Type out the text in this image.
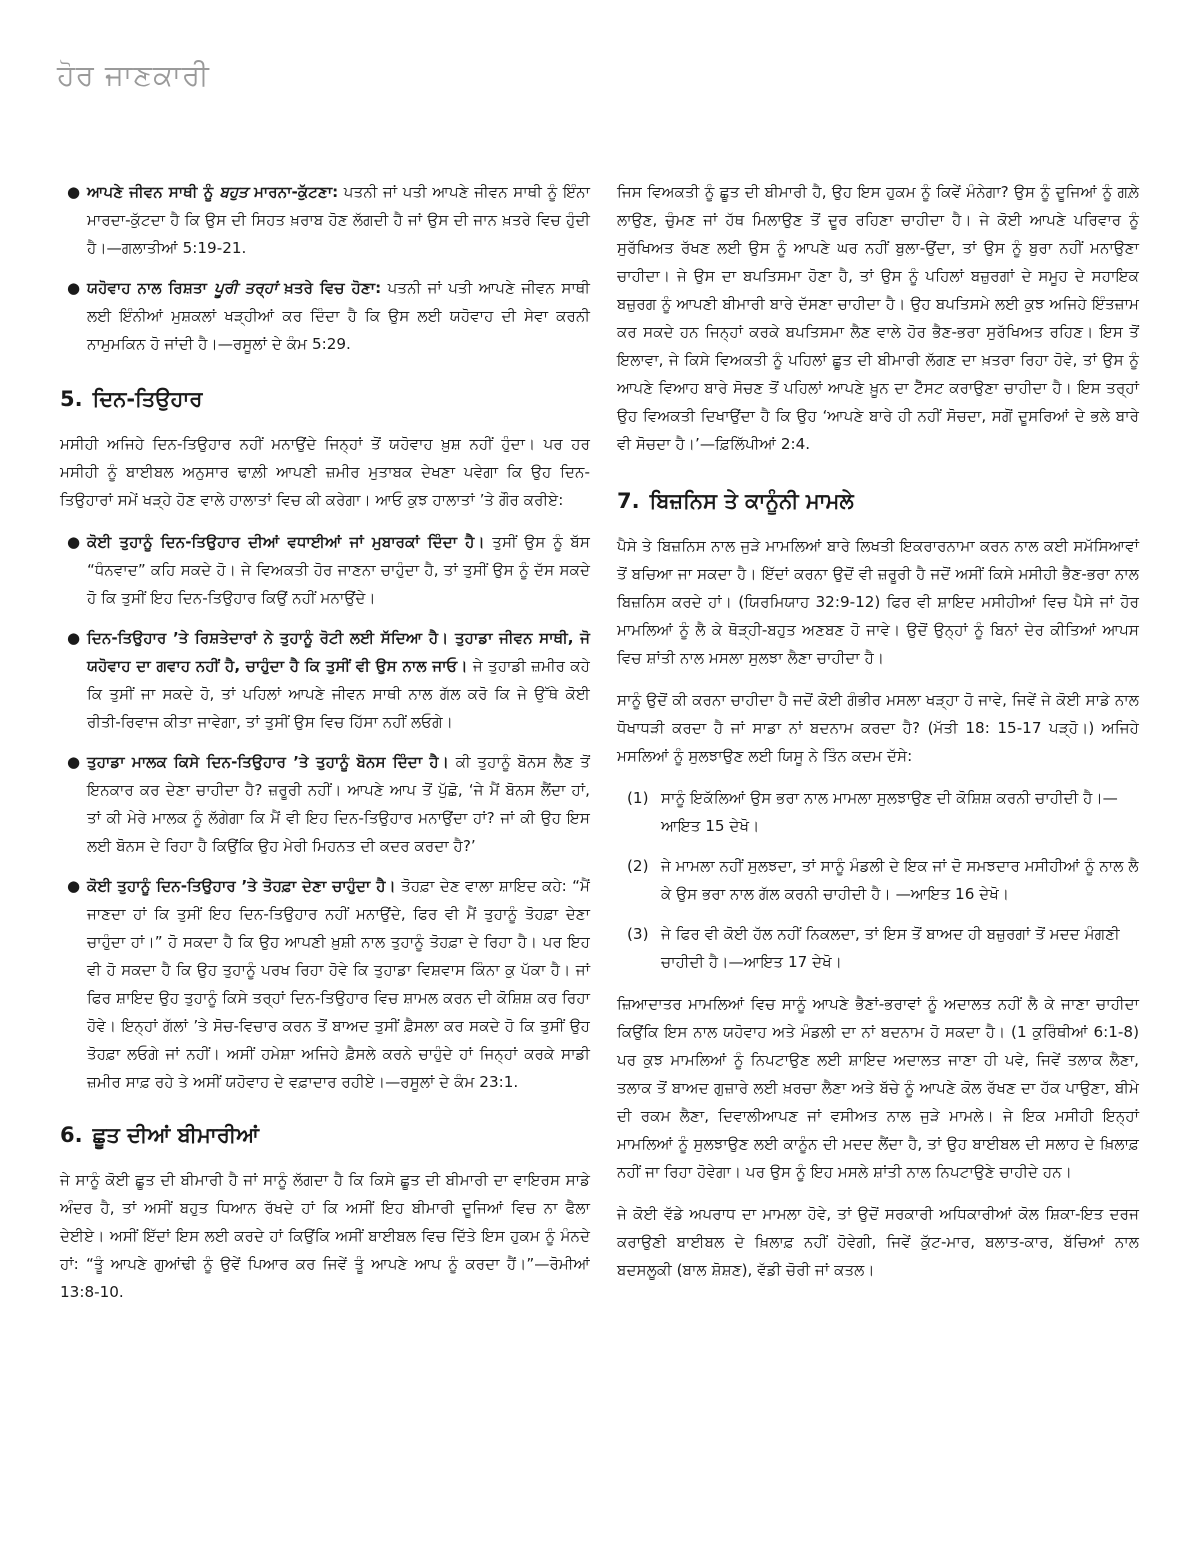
ਹੋਰ ਜਾਣਕਾਰੀ
● ਆਪਣੇ ਜੀਵਨ ਸਾਥੀ ਨੂੰ ਬਹੁਤ ਮਾਰਨਾ-ਕੁੱਟਣਾ: ਪਤਨੀ ਜਾਂ ਪਤੀ ਆਪਣੇ ਜੀਵਨ ਸਾਥੀ ਨੂੰ ਇੰਨਾ ਮਾਰਦਾ-ਕੁੱਟਦਾ ਹੈ ਕਿ ਉਸ ਦੀ ਸਿਹਤ ਖ਼ਰਾਬ ਹੋਣ ਲੱਗਦੀ ਹੈ ਜਾਂ ਉਸ ਦੀ ਜਾਨ ਖ਼ਤਰੇ ਵਿਚ ਹੁੰਦੀ ਹੈ।—ਗਲਾਤੀਆਂ 5:19-21.
● ਯਹੋਵਾਹ ਨਾਲ ਰਿਸ਼ਤਾ ਪੂਰੀ ਤਰ੍ਹਾਂ ਖ਼ਤਰੇ ਵਿਚ ਹੋਣਾ: ਪਤਨੀ ਜਾਂ ਪਤੀ ਆਪਣੇ ਜੀਵਨ ਸਾਥੀ ਲਈ ਇੰਨੀਆਂ ਮੁਸ਼ਕਲਾਂ ਖੜ੍ਹੀਆਂ ਕਰ ਦਿੰਦਾ ਹੈ ਕਿ ਉਸ ਲਈ ਯਹੋਵਾਹ ਦੀ ਸੇਵਾ ਕਰਨੀ ਨਾਮੁਮਕਿਨ ਹੋ ਜਾਂਦੀ ਹੈ।—ਰਸੂਲਾਂ ਦੇ ਕੰਮ 5:29.
5. ਦਿਨ-ਤਿਉਹਾਰ

ਮਸੀਹੀ ਅਜਿਹੇ ਦਿਨ-ਤਿਉਹਾਰ ਨਹੀਂ ਮਨਾਉਂਦੇ ਜਿਨ੍ਹਾਂ ਤੋਂ ਯਹੋਵਾਹ ਖ਼ੁਸ਼ ਨਹੀਂ ਹੁੰਦਾ। ਪਰ ਹਰ ਮਸੀਹੀ ਨੂੰ ਬਾਈਬਲ ਅਨੁਸਾਰ ਢਾਲ਼ੀ ਆਪਣੀ ਜ਼ਮੀਰ ਮੁਤਾਬਕ ਦੇਖਣਾ ਪਵੇਗਾ ਕਿ ਉਹ ਦਿਨ-ਤਿਉਹਾਰਾਂ ਸਮੇਂ ਖੜ੍ਹੇ ਹੋਣ ਵਾਲੇ ਹਾਲਾਤਾਂ ਵਿਚ ਕੀ ਕਰੇਗਾ। ਆਓ ਕੁਝ ਹਾਲਾਤਾਂ ’ਤੇ ਗੌਰ ਕਰੀਏ:

● ਕੋਈ ਤੁਹਾਨੂੰ ਦਿਨ-ਤਿਉਹਾਰ ਦੀਆਂ ਵਧਾਈਆਂ ਜਾਂ ਮੁਬਾਰਕਾਂ ਦਿੰਦਾ ਹੈ। ਤੁਸੀਂ ਉਸ ਨੂੰ ਬੱਸ “ਧੰਨਵਾਦ” ਕਹਿ ਸਕਦੇ ਹੋ। ਜੇ ਵਿਅਕਤੀ ਹੋਰ ਜਾਣਨਾ ਚਾਹੁੰਦਾ ਹੈ, ਤਾਂ ਤੁਸੀਂ ਉਸ ਨੂੰ ਦੱਸ ਸਕਦੇ ਹੋ ਕਿ ਤੁਸੀਂ ਇਹ ਦਿਨ-ਤਿਉਹਾਰ ਕਿਉਂ ਨਹੀਂ ਮਨਾਉਂਦੇ।
● ਦਿਨ-ਤਿਉਹਾਰ ’ਤੇ ਰਿਸ਼ਤੇਦਾਰਾਂ ਨੇ ਤੁਹਾਨੂੰ ਰੋਟੀ ਲਈ ਸੱਦਿਆ ਹੈ। ਤੁਹਾਡਾ ਜੀਵਨ ਸਾਥੀ, ਜੋ ਯਹੋਵਾਹ ਦਾ ਗਵਾਹ ਨਹੀਂ ਹੈ, ਚਾਹੁੰਦਾ ਹੈ ਕਿ ਤੁਸੀਂ ਵੀ ਉਸ ਨਾਲ ਜਾਓ। ਜੇ ਤੁਹਾਡੀ ਜ਼ਮੀਰ ਕਹੇ ਕਿ ਤੁਸੀਂ ਜਾ ਸਕਦੇ ਹੋ, ਤਾਂ ਪਹਿਲਾਂ ਆਪਣੇ ਜੀਵਨ ਸਾਥੀ ਨਾਲ ਗੱਲ ਕਰੋ ਕਿ ਜੇ ਉੱਥੇ ਕੋਈ ਰੀਤੀ-ਰਿਵਾਜ ਕੀਤਾ ਜਾਵੇਗਾ, ਤਾਂ ਤੁਸੀਂ ਉਸ ਵਿਚ ਹਿੱਸਾ ਨਹੀਂ ਲਓਗੇ।
● ਤੁਹਾਡਾ ਮਾਲਕ ਕਿਸੇ ਦਿਨ-ਤਿਉਹਾਰ ’ਤੇ ਤੁਹਾਨੂੰ ਬੋਨਸ ਦਿੰਦਾ ਹੈ। ਕੀ ਤੁਹਾਨੂੰ ਬੋਨਸ ਲੈਣ ਤੋਂ ਇਨਕਾਰ ਕਰ ਦੇਣਾ ਚਾਹੀਦਾ ਹੈ? ਜ਼ਰੂਰੀ ਨਹੀਂ। ਆਪਣੇ ਆਪ ਤੋਂ ਪੁੱਛੋ, ‘ਜੇ ਮੈਂ ਬੋਨਸ ਲੈਂਦਾ ਹਾਂ, ਤਾਂ ਕੀ ਮੇਰੇ ਮਾਲਕ ਨੂੰ ਲੱਗੇਗਾ ਕਿ ਮੈਂ ਵੀ ਇਹ ਦਿਨ-ਤਿਉਹਾਰ ਮਨਾਉਂਦਾ ਹਾਂ? ਜਾਂ ਕੀ ਉਹ ਇਸ ਲਈ ਬੋਨਸ ਦੇ ਰਿਹਾ ਹੈ ਕਿਉਂਕਿ ਉਹ ਮੇਰੀ ਮਿਹਨਤ ਦੀ ਕਦਰ ਕਰਦਾ ਹੈ?’
● ਕੋਈ ਤੁਹਾਨੂੰ ਦਿਨ-ਤਿਉਹਾਰ ’ਤੇ ਤੋਹਫ਼ਾ ਦੇਣਾ ਚਾਹੁੰਦਾ ਹੈ। ਤੋਹਫ਼ਾ ਦੇਣ ਵਾਲਾ ਸ਼ਾਇਦ ਕਹੇ: “ਮੈਂ ਜਾਣਦਾ ਹਾਂ ਕਿ ਤੁਸੀਂ ਇਹ ਦਿਨ-ਤਿਉਹਾਰ ਨਹੀਂ ਮਨਾਉਂਦੇ, ਫਿਰ ਵੀ ਮੈਂ ਤੁਹਾਨੂੰ ਤੋਹਫ਼ਾ ਦੇਣਾ ਚਾਹੁੰਦਾ ਹਾਂ।” ਹੋ ਸਕਦਾ ਹੈ ਕਿ ਉਹ ਆਪਣੀ ਖ਼ੁਸ਼ੀ ਨਾਲ ਤੁਹਾਨੂੰ ਤੋਹਫ਼ਾ ਦੇ ਰਿਹਾ ਹੈ। ਪਰ ਇਹ ਵੀ ਹੋ ਸਕਦਾ ਹੈ ਕਿ ਉਹ ਤੁਹਾਨੂੰ ਪਰਖ ਰਿਹਾ ਹੋਵੇ ਕਿ ਤੁਹਾਡਾ ਵਿਸ਼ਵਾਸ ਕਿੰਨਾ ਕੁ ਪੱਕਾ ਹੈ। ਜਾਂ ਫਿਰ ਸ਼ਾਇਦ ਉਹ ਤੁਹਾਨੂੰ ਕਿਸੇ ਤਰ੍ਹਾਂ ਦਿਨ-ਤਿਉਹਾਰ ਵਿਚ ਸ਼ਾਮਲ ਕਰਨ ਦੀ ਕੋਸ਼ਿਸ਼ ਕਰ ਰਿਹਾ ਹੋਵੇ। ਇਨ੍ਹਾਂ ਗੱਲਾਂ ’ਤੇ ਸੋਚ-ਵਿਚਾਰ ਕਰਨ ਤੋਂ ਬਾਅਦ ਤੁਸੀਂ ਫ਼ੈਸਲਾ ਕਰ ਸਕਦੇ ਹੋ ਕਿ ਤੁਸੀਂ ਉਹ ਤੋਹਫ਼ਾ ਲਓਗੇ ਜਾਂ ਨਹੀਂ। ਅਸੀਂ ਹਮੇਸ਼ਾ ਅਜਿਹੇ ਫ਼ੈਸਲੇ ਕਰਨੇ ਚਾਹੁੰਦੇ ਹਾਂ ਜਿਨ੍ਹਾਂ ਕਰਕੇ ਸਾਡੀ ਜ਼ਮੀਰ ਸਾਫ਼ ਰਹੇ ਤੇ ਅਸੀਂ ਯਹੋਵਾਹ ਦੇ ਵਫ਼ਾਦਾਰ ਰਹੀਏ।—ਰਸੂਲਾਂ ਦੇ ਕੰਮ 23:1.
6. ਛੂਤ ਦੀਆਂ ਬੀਮਾਰੀਆਂ

ਜੇ ਸਾਨੂੰ ਕੋਈ ਛੂਤ ਦੀ ਬੀਮਾਰੀ ਹੈ ਜਾਂ ਸਾਨੂੰ ਲੱਗਦਾ ਹੈ ਕਿ ਕਿਸੇ ਛੂਤ ਦੀ ਬੀਮਾਰੀ ਦਾ ਵਾਇਰਸ ਸਾਡੇ ਅੰਦਰ ਹੈ, ਤਾਂ ਅਸੀਂ ਬਹੁਤ ਧਿਆਨ ਰੱਖਦੇ ਹਾਂ ਕਿ ਅਸੀਂ ਇਹ ਬੀਮਾਰੀ ਦੂਜਿਆਂ ਵਿਚ ਨਾ ਫੈਲਾ ਦੇਈਏ। ਅਸੀਂ ਇੱਦਾਂ ਇਸ ਲਈ ਕਰਦੇ ਹਾਂ ਕਿਉਂਕਿ ਅਸੀਂ ਬਾਈਬਲ ਵਿਚ ਦਿੱਤੇ ਇਸ ਹੁਕਮ ਨੂੰ ਮੰਨਦੇ ਹਾਂ: “ਤੂੰ ਆਪਣੇ ਗੁਆਂਢੀ ਨੂੰ ਉਵੇਂ ਪਿਆਰ ਕਰ ਜਿਵੇਂ ਤੂੰ ਆਪਣੇ ਆਪ ਨੂੰ ਕਰਦਾ ਹੈਂ।”—ਰੋਮੀਆਂ 13:8-10.

ਜਿਸ ਵਿਅਕਤੀ ਨੂੰ ਛੂਤ ਦੀ ਬੀਮਾਰੀ ਹੈ, ਉਹ ਇਸ ਹੁਕਮ ਨੂੰ ਕਿਵੇਂ ਮੰਨੇਗਾ? ਉਸ ਨੂੰ ਦੂਜਿਆਂ ਨੂੰ ਗਲ਼ੇ ਲਾਉਣ, ਚੁੰਮਣ ਜਾਂ ਹੱਥ ਮਿਲਾਉਣ ਤੋਂ ਦੂਰ ਰਹਿਣਾ ਚਾਹੀਦਾ ਹੈ। ਜੇ ਕੋਈ ਆਪਣੇ ਪਰਿਵਾਰ ਨੂੰ ਸੁਰੱਖਿਅਤ ਰੱਖਣ ਲਈ ਉਸ ਨੂੰ ਆਪਣੇ ਘਰ ਨਹੀਂ ਬੁਲਾ-ਉਂਦਾ, ਤਾਂ ਉਸ ਨੂੰ ਬੁਰਾ ਨਹੀਂ ਮਨਾਉਣਾ ਚਾਹੀਦਾ। ਜੇ ਉਸ ਦਾ ਬਪਤਿਸਮਾ ਹੋਣਾ ਹੈ, ਤਾਂ ਉਸ ਨੂੰ ਪਹਿਲਾਂ ਬਜ਼ੁਰਗਾਂ ਦੇ ਸਮੂਹ ਦੇ ਸਹਾਇਕ ਬਜ਼ੁਰਗ ਨੂੰ ਆਪਣੀ ਬੀਮਾਰੀ ਬਾਰੇ ਦੱਸਣਾ ਚਾਹੀਦਾ ਹੈ। ਉਹ ਬਪਤਿਸਮੇ ਲਈ ਕੁਝ ਅਜਿਹੇ ਇੰਤਜ਼ਾਮ ਕਰ ਸਕਦੇ ਹਨ ਜਿਨ੍ਹਾਂ ਕਰਕੇ ਬਪਤਿਸਮਾ ਲੈਣ ਵਾਲੇ ਹੋਰ ਭੈਣ-ਭਰਾ ਸੁਰੱਖਿਅਤ ਰਹਿਣ। ਇਸ ਤੋਂ ਇਲਾਵਾ, ਜੇ ਕਿਸੇ ਵਿਅਕਤੀ ਨੂੰ ਪਹਿਲਾਂ ਛੂਤ ਦੀ ਬੀਮਾਰੀ ਲੱਗਣ ਦਾ ਖ਼ਤਰਾ ਰਿਹਾ ਹੋਵੇ, ਤਾਂ ਉਸ ਨੂੰ ਆਪਣੇ ਵਿਆਹ ਬਾਰੇ ਸੋਚਣ ਤੋਂ ਪਹਿਲਾਂ ਆਪਣੇ ਖ਼ੂਨ ਦਾ ਟੈੱਸਟ ਕਰਾਉਣਾ ਚਾਹੀਦਾ ਹੈ। ਇਸ ਤਰ੍ਹਾਂ ਉਹ ਵਿਅਕਤੀ ਦਿਖਾਉਂਦਾ ਹੈ ਕਿ ਉਹ ‘ਆਪਣੇ ਬਾਰੇ ਹੀ ਨਹੀਂ ਸੋਚਦਾ, ਸਗੋਂ ਦੂਸਰਿਆਂ ਦੇ ਭਲੇ ਬਾਰੇ ਵੀ ਸੋਚਦਾ ਹੈ।’—ਫ਼ਿਲਿੱਪੀਆਂ 2:4.

7. ਬਿਜ਼ਨਿਸ ਤੇ ਕਾਨੂੰਨੀ ਮਾਮਲੇ

ਪੈਸੇ ਤੇ ਬਿਜ਼ਨਿਸ ਨਾਲ ਜੁੜੇ ਮਾਮਲਿਆਂ ਬਾਰੇ ਲਿਖਤੀ ਇਕਰਾਰਨਾਮਾ ਕਰਨ ਨਾਲ ਕਈ ਸਮੱਸਿਆਵਾਂ ਤੋਂ ਬਚਿਆ ਜਾ ਸਕਦਾ ਹੈ। ਇੱਦਾਂ ਕਰਨਾ ਉਦੋਂ ਵੀ ਜ਼ਰੂਰੀ ਹੈ ਜਦੋਂ ਅਸੀਂ ਕਿਸੇ ਮਸੀਹੀ ਭੈਣ-ਭਰਾ ਨਾਲ ਬਿਜ਼ਨਿਸ ਕਰਦੇ ਹਾਂ। (ਯਿਰਮਿਯਾਹ 32:9-12) ਫਿਰ ਵੀ ਸ਼ਾਇਦ ਮਸੀਹੀਆਂ ਵਿਚ ਪੈਸੇ ਜਾਂ ਹੋਰ ਮਾਮਲਿਆਂ ਨੂੰ ਲੈ ਕੇ ਥੋੜ੍ਹੀ-ਬਹੁਤ ਅਣਬਣ ਹੋ ਜਾਵੇ। ਉਦੋਂ ਉਨ੍ਹਾਂ ਨੂੰ ਬਿਨਾਂ ਦੇਰ ਕੀਤਿਆਂ ਆਪਸ ਵਿਚ ਸ਼ਾਂਤੀ ਨਾਲ ਮਸਲਾ ਸੁਲਝਾ ਲੈਣਾ ਚਾਹੀਦਾ ਹੈ।

ਸਾਨੂੰ ਉਦੋਂ ਕੀ ਕਰਨਾ ਚਾਹੀਦਾ ਹੈ ਜਦੋਂ ਕੋਈ ਗੰਭੀਰ ਮਸਲਾ ਖੜ੍ਹਾ ਹੋ ਜਾਵੇ, ਜਿਵੇਂ ਜੇ ਕੋਈ ਸਾਡੇ ਨਾਲ ਧੋਖਾਧੜੀ ਕਰਦਾ ਹੈ ਜਾਂ ਸਾਡਾ ਨਾਂ ਬਦਨਾਮ ਕਰਦਾ ਹੈ? (ਮੱਤੀ 18: 15-17 ਪੜ੍ਹੋ।) ਅਜਿਹੇ ਮਸਲਿਆਂ ਨੂੰ ਸੁਲਝਾਉਣ ਲਈ ਯਿਸੂ ਨੇ ਤਿੰਨ ਕਦਮ ਦੱਸੇ:

(1) ਸਾਨੂੰ ਇਕੱਲਿਆਂ ਉਸ ਭਰਾ ਨਾਲ ਮਾਮਲਾ ਸੁਲਝਾਉਣ ਦੀ ਕੋਸ਼ਿਸ਼ ਕਰਨੀ ਚਾਹੀਦੀ ਹੈ।—ਆਇਤ 15 ਦੇਖੋ।
(2) ਜੇ ਮਾਮਲਾ ਨਹੀਂ ਸੁਲਝਦਾ, ਤਾਂ ਸਾਨੂੰ ਮੰਡਲੀ ਦੇ ਇਕ ਜਾਂ ਦੋ ਸਮਝਦਾਰ ਮਸੀਹੀਆਂ ਨੂੰ ਨਾਲ ਲੈ ਕੇ ਉਸ ਭਰਾ ਨਾਲ ਗੱਲ ਕਰਨੀ ਚਾਹੀਦੀ ਹੈ। —ਆਇਤ 16 ਦੇਖੋ।
(3) ਜੇ ਫਿਰ ਵੀ ਕੋਈ ਹੱਲ ਨਹੀਂ ਨਿਕਲਦਾ, ਤਾਂ ਇਸ ਤੋਂ ਬਾਅਦ ਹੀ ਬਜ਼ੁਰਗਾਂ ਤੋਂ ਮਦਦ ਮੰਗਣੀ ਚਾਹੀਦੀ ਹੈ।—ਆਇਤ 17 ਦੇਖੋ।

ਜ਼ਿਆਦਾਤਰ ਮਾਮਲਿਆਂ ਵਿਚ ਸਾਨੂੰ ਆਪਣੇ ਭੈਣਾਂ-ਭਰਾਵਾਂ ਨੂੰ ਅਦਾਲਤ ਨਹੀਂ ਲੈ ਕੇ ਜਾਣਾ ਚਾਹੀਦਾ ਕਿਉਂਕਿ ਇਸ ਨਾਲ ਯਹੋਵਾਹ ਅਤੇ ਮੰਡਲੀ ਦਾ ਨਾਂ ਬਦਨਾਮ ਹੋ ਸਕਦਾ ਹੈ। (1 ਕੁਰਿੰਥੀਆਂ 6:1-8) ਪਰ ਕੁਝ ਮਾਮਲਿਆਂ ਨੂੰ ਨਿਪਟਾਉਣ ਲਈ ਸ਼ਾਇਦ ਅਦਾਲਤ ਜਾਣਾ ਹੀ ਪਵੇ, ਜਿਵੇਂ ਤਲਾਕ ਲੈਣਾ, ਤਲਾਕ ਤੋਂ ਬਾਅਦ ਗੁਜ਼ਾਰੇ ਲਈ ਖ਼ਰਚਾ ਲੈਣਾ ਅਤੇ ਬੱਚੇ ਨੂੰ ਆਪਣੇ ਕੋਲ ਰੱਖਣ ਦਾ ਹੱਕ ਪਾਉਣਾ, ਬੀਮੇ ਦੀ ਰਕਮ ਲੈਣਾ, ਦਿਵਾਲੀਆਪਣ ਜਾਂ ਵਸੀਅਤ ਨਾਲ ਜੁੜੇ ਮਾਮਲੇ। ਜੇ ਇਕ ਮਸੀਹੀ ਇਨ੍ਹਾਂ ਮਾਮਲਿਆਂ ਨੂੰ ਸੁਲਝਾਉਣ ਲਈ ਕਾਨੂੰਨ ਦੀ ਮਦਦ ਲੈਂਦਾ ਹੈ, ਤਾਂ ਉਹ ਬਾਈਬਲ ਦੀ ਸਲਾਹ ਦੇ ਖ਼ਿਲਾਫ਼ ਨਹੀਂ ਜਾ ਰਿਹਾ ਹੋਵੇਗਾ। ਪਰ ਉਸ ਨੂੰ ਇਹ ਮਸਲੇ ਸ਼ਾਂਤੀ ਨਾਲ ਨਿਪਟਾਉਣੇ ਚਾਹੀਦੇ ਹਨ।

ਜੇ ਕੋਈ ਵੱਡੇ ਅਪਰਾਧ ਦਾ ਮਾਮਲਾ ਹੋਵੇ, ਤਾਂ ਉਦੋਂ ਸਰਕਾਰੀ ਅਧਿਕਾਰੀਆਂ ਕੋਲ ਸ਼ਿਕਾ-ਇਤ ਦਰਜ ਕਰਾਉਣੀ ਬਾਈਬਲ ਦੇ ਖ਼ਿਲਾਫ਼ ਨਹੀਂ ਹੋਵੇਗੀ, ਜਿਵੇਂ ਕੁੱਟ-ਮਾਰ, ਬਲਾਤ-ਕਾਰ, ਬੱਚਿਆਂ ਨਾਲ ਬਦਸਲੂਕੀ (ਬਾਲ ਸ਼ੋਸ਼ਣ), ਵੱਡੀ ਚੋਰੀ ਜਾਂ ਕਤਲ।
